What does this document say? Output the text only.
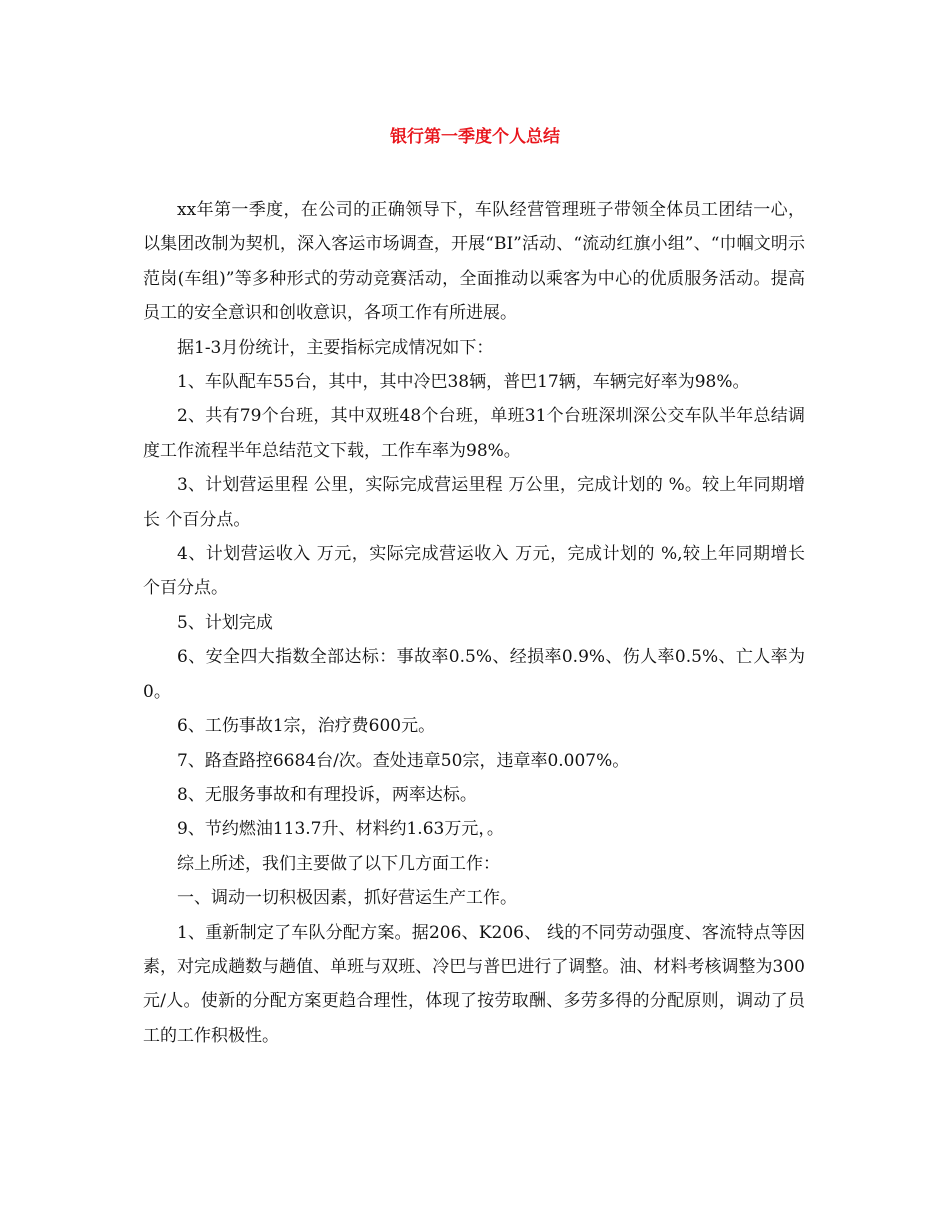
银行第一季度个人总结

xx年第一季度，在公司的正确领导下，车队经营管理班子带领全体员工团结一心，以集团改制为契机，深入客运市场调查，开展“BI”活动、“流动红旗小组”、“巾帼文明示范岗(车组)”等多种形式的劳动竞赛活动，全面推动以乘客为中心的优质服务活动。提高员工的安全意识和创收意识，各项工作有所进展。

据1-3月份统计，主要指标完成情况如下：

1、车队配车55台，其中，其中冷巴38辆，普巴17辆，车辆完好率为98%。

2、共有79个台班，其中双班48个台班，单班31个台班深圳深公交车队半年总结调度工作流程半年总结范文下载，工作车率为98%。

3、计划营运里程 公里，实际完成营运里程 万公里，完成计划的 %。较上年同期增长 个百分点。

4、计划营运收入 万元，实际完成营运收入 万元，完成计划的 %,较上年同期增长 个百分点。

5、计划完成

6、安全四大指数全部达标：事故率0.5%、经损率0.9%、伤人率0.5%、亡人率为0。

6、工伤事故1宗，治疗费600元。

7、路查路控6684台/次。查处违章50宗，违章率0.007%。

8、无服务事故和有理投诉，两率达标。

9、节约燃油113.7升、材料约1.63万元，。

综上所述，我们主要做了以下几方面工作：

一、调动一切积极因素，抓好营运生产工作。

1、重新制定了车队分配方案。据206、K206、 线的不同劳动强度、客流特点等因素，对完成趟数与趟值、单班与双班、冷巴与普巴进行了调整。油、材料考核调整为300元/人。使新的分配方案更趋合理性，体现了按劳取酬、多劳多得的分配原则，调动了员工的工作积极性。
